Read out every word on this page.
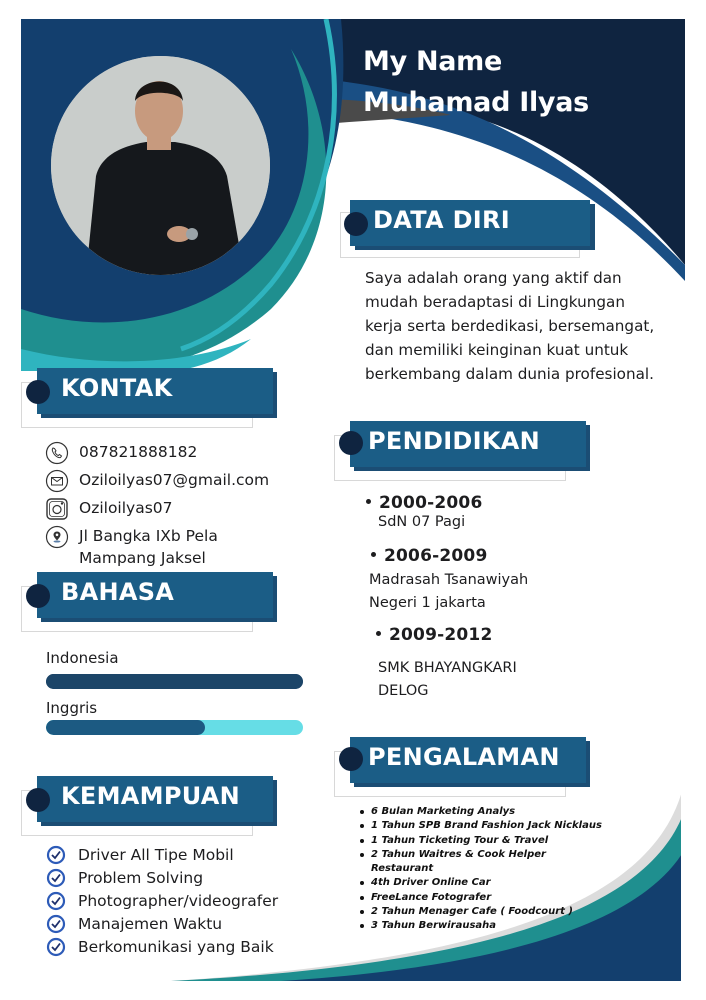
My Name
Muhamad Ilyas
DATA DIRI
Saya adalah orang yang aktif dan
mudah beradaptasi di Lingkungan
kerja serta berdedikasi, bersemangat,
dan memiliki keinginan kuat untuk
berkembang dalam dunia profesional.
KONTAK
087821888182
Oziloilyas07@gmail.com
Oziloilyas07
Jl Bangka IXb Pela
Mampang Jaksel
BAHASA
Indonesia
Inggris
KEMAMPUAN
Driver All Tipe Mobil
Problem Solving
Photographer/videografer
Manajemen Waktu
Berkomunikasi yang Baik
PENDIDIKAN
2000-2006
SdN 07 Pagi
2006-2009
Madrasah Tsanawiyah
Negeri 1 jakarta
2009-2012
SMK BHAYANGKARI
DELOG
PENGALAMAN
6 Bulan Marketing Analys
1 Tahun SPB Brand Fashion Jack Nicklaus
1 Tahun Ticketing Tour & Travel
2 Tahun Waitres & Cook Helper
Restaurant
4th Driver Online Car
FreeLance Fotografer
2 Tahun Menager Cafe ( Foodcourt )
3 Tahun Berwirausaha
